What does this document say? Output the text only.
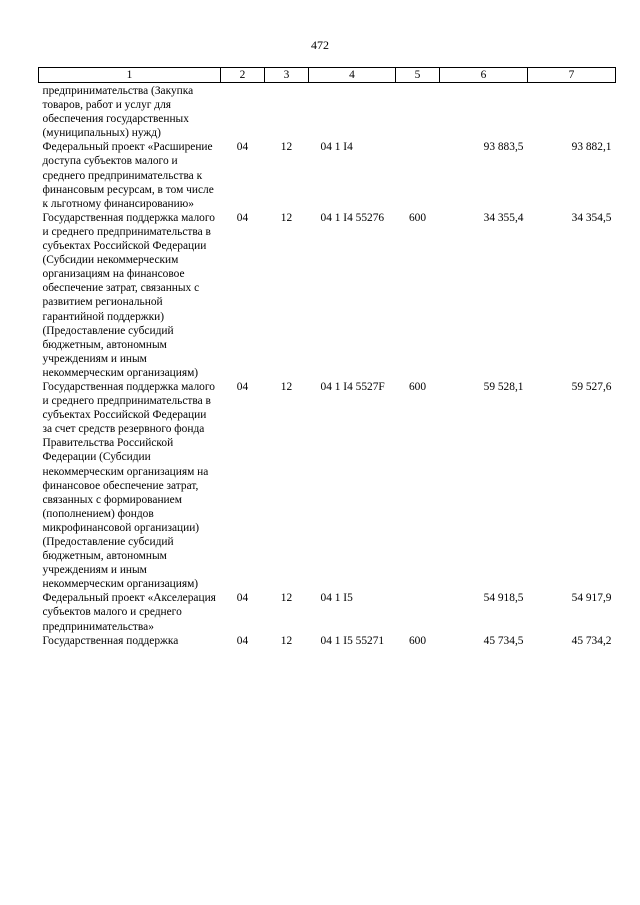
472
1	2	3	4	5	6	7
предпринимательства (Закупка товаров, работ и услуг для обеспечения государственных (муниципальных) нужд)						
Федеральный проект «Расширение доступа субъектов малого и среднего предпринимательства к финансовым ресурсам, в том числе к льготному финансированию»	04	12	04 1 I4		93 883,5	93 882,1
Государственная поддержка малого и среднего предпринимательства в субъектах Российской Федерации (Субсидии некоммерческим организациям на финансовое обеспечение затрат, связанных с развитием региональной гарантийной поддержки) (Предоставление субсидий бюджетным, автономным учреждениям и иным некоммерческим организациям)	04	12	04 1 I4 55276	600	34 355,4	34 354,5
Государственная поддержка малого и среднего предпринимательства в субъектах Российской Федерации за счет средств резервного фонда Правительства Российской Федерации (Субсидии некоммерческим организациям на финансовое обеспечение затрат, связанных с формированием (пополнением) фондов микрофинансовой организации) (Предоставление субсидий бюджетным, автономным учреждениям и иным некоммерческим организациям)	04	12	04 1 I4 5527F	600	59 528,1	59 527,6
Федеральный проект «Акселерация субъектов малого и среднего предпринимательства»	04	12	04 1 I5		54 918,5	54 917,9
Государственная поддержка	04	12	04 1 I5 55271	600	45 734,5	45 734,2
